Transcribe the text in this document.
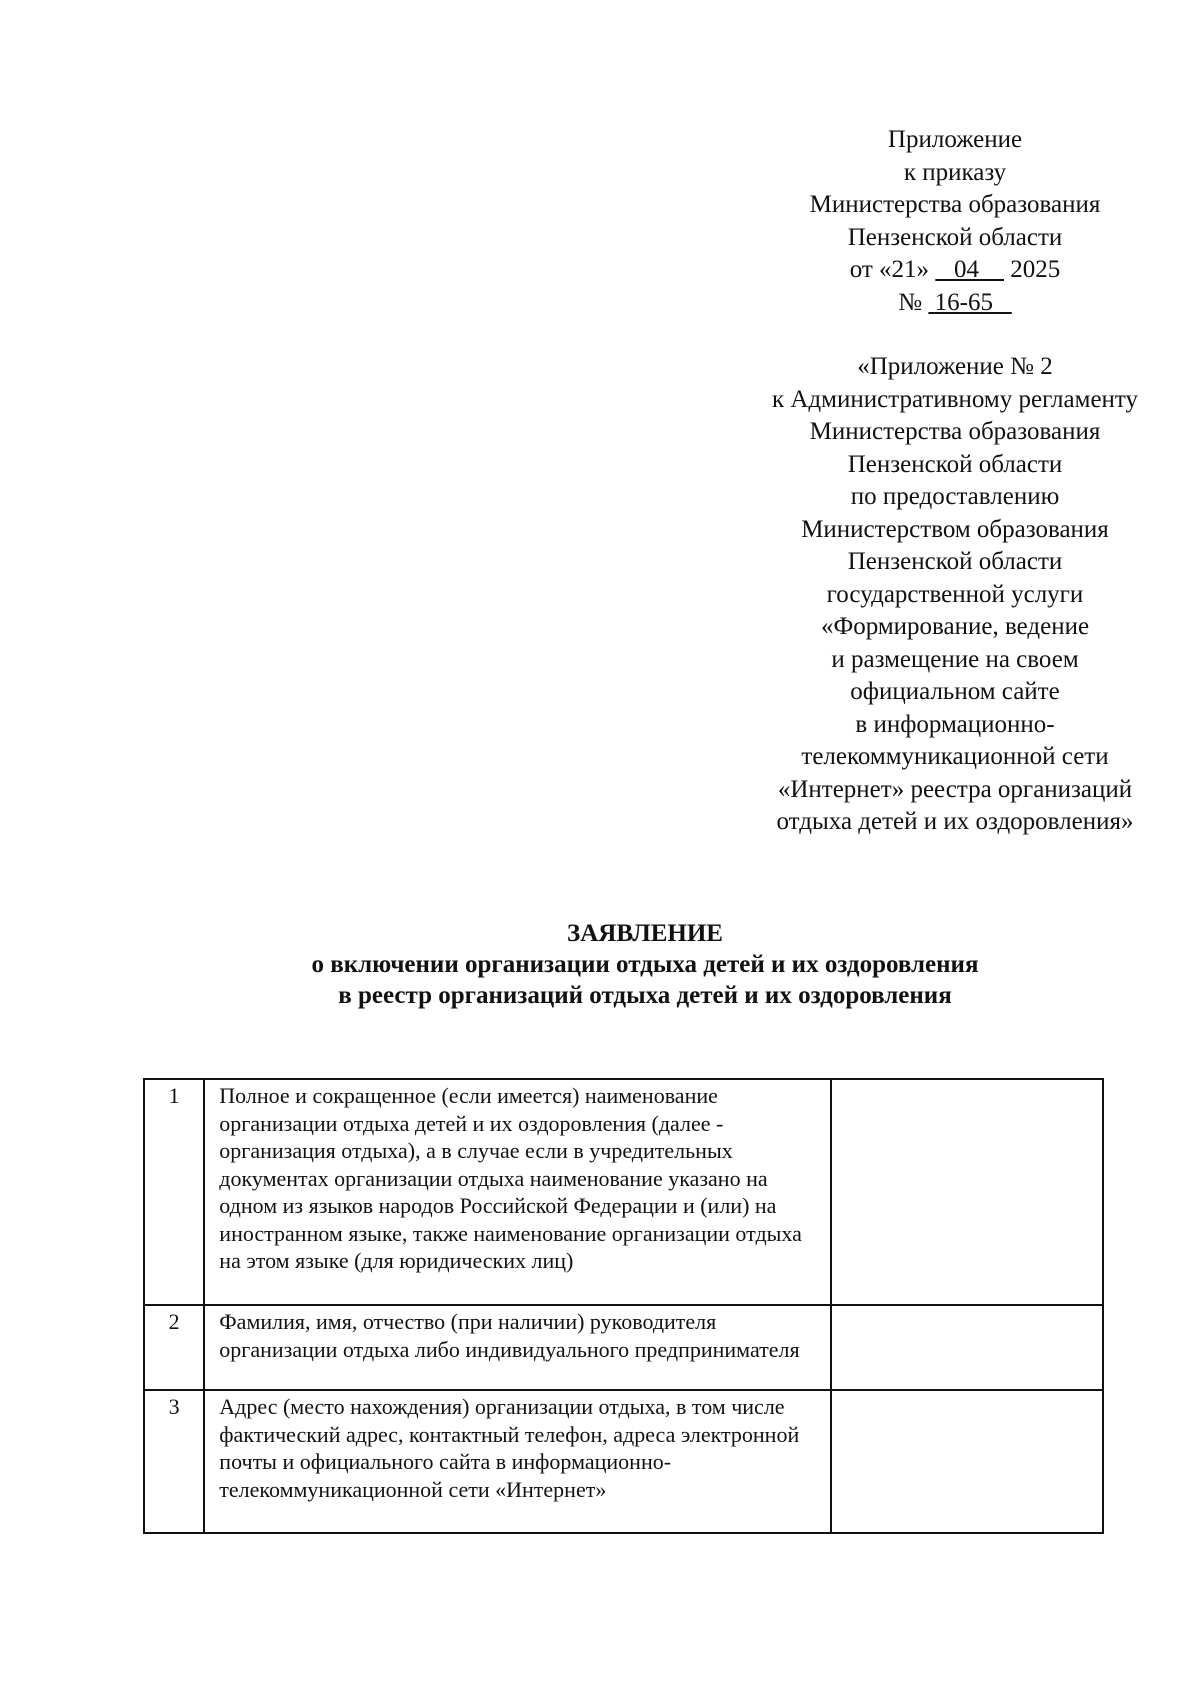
Приложение
к приказу
Министерства образования
Пензенской области
от «21» 04 2025
№ 16-65
«Приложение № 2
к Административному регламенту
Министерства образования
Пензенской области
по предоставлению
Министерством образования
Пензенской области
государственной услуги
«Формирование, ведение
и размещение на своем
официальном сайте
в информационно-
телекоммуникационной сети
«Интернет» реестра организаций
отдыха детей и их оздоровления»
ЗАЯВЛЕНИЕ
о включении организации отдыха детей и их оздоровления
в реестр организаций отдыха детей и их оздоровления
1	Полное и сокращенное (если имеется) наименование организации отдыха детей и их оздоровления (далее - организация отдыха), а в случае если в учредительных документах организации отдыха наименование указано на одном из языков народов Российской Федерации и (или) на иностранном языке, также наименование организации отдыха на этом языке (для юридических лиц)	
2	Фамилия, имя, отчество (при наличии) руководителя организации отдыха либо индивидуального предпринимателя	
3	Адрес (место нахождения) организации отдыха, в том числе фактический адрес, контактный телефон, адреса электронной почты и официального сайта в информационно-телекоммуникационной сети «Интернет»	
